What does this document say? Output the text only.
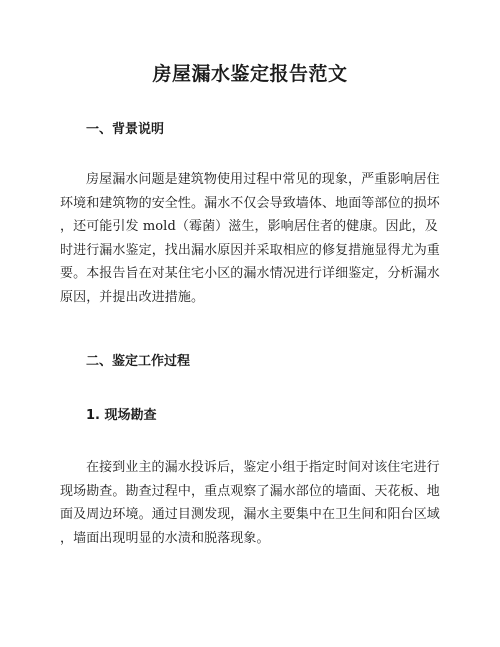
房屋漏水鉴定报告范文
一、背景说明

房屋漏水问题是建筑物使用过程中常见的现象，严重影响居住
环境和建筑物的安全性。漏水不仅会导致墙体、地面等部位的损坏
，还可能引发 mold（霉菌）滋生，影响居住者的健康。因此，及
时进行漏水鉴定，找出漏水原因并采取相应的修复措施显得尤为重
要。本报告旨在对某住宅小区的漏水情况进行详细鉴定，分析漏水
原因，并提出改进措施。

二、鉴定工作过程
1. 现场勘查

在接到业主的漏水投诉后，鉴定小组于指定时间对该住宅进行
现场勘查。勘查过程中，重点观察了漏水部位的墙面、天花板、地
面及周边环境。通过目测发现，漏水主要集中在卫生间和阳台区域
，墙面出现明显的水渍和脱落现象。
